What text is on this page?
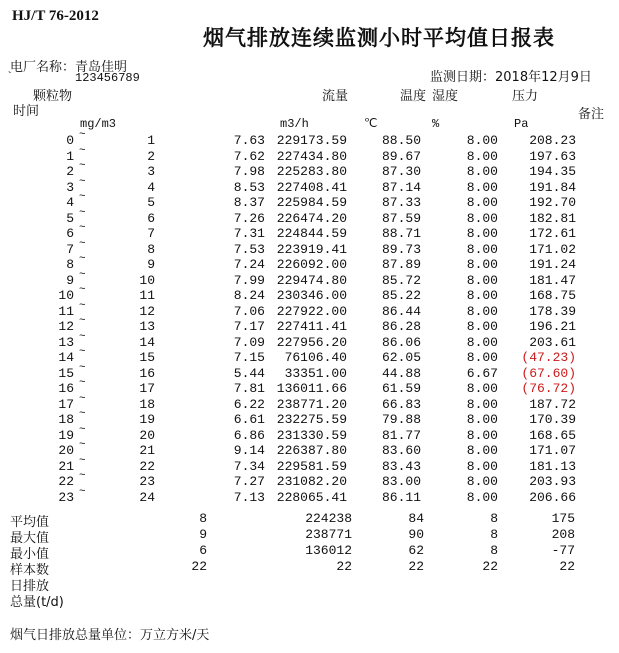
HJ/T 76-2012
烟气排放连续监测小时平均值日报表
电厂名称：青岛佳明
`	123456789	监测日期：2018年12月9日
颗粒物	流量	温度 湿度	压力
时间	备注
mg/m3	m3/h	℃	%	Pa
0 ~	1	7.63 229173.59	88.50	8.00	208.23
1 ~	2	7.62 227434.80	89.67	8.00	197.63
2 ~	3	7.98 225283.80	87.30	8.00	194.35
3 ~	4	8.53 227408.41	87.14	8.00	191.84
4 ~	5	8.37 225984.59	87.33	8.00	192.70
5 ~	6	7.26 226474.20	87.59	8.00	182.81
6 ~	7	7.31 224844.59	88.71	8.00	172.61
7 ~	8	7.53 223919.41	89.73	8.00	171.02
8 ~	9	7.24 226092.00	87.89	8.00	191.24
9 ~	10	7.99 229474.80	85.72	8.00	181.47
10 ~	11	8.24 230346.00	85.22	8.00	168.75
11 ~	12	7.06 227922.00	86.44	8.00	178.39
12 ~	13	7.17 227411.41	86.28	8.00	196.21
13 ~	14	7.09 227956.20	86.06	8.00	203.61
14 ~	15	7.15	76106.40	62.05	8.00	(47.23)
15 ~	16	5.44	33351.00	44.88	6.67	(67.60)
16 ~	17	7.81 136011.66	61.59	8.00	(76.72)
17 ~	18	6.22 238771.20	66.83	8.00	187.72
18 ~	19	6.61 232275.59	79.88	8.00	170.39
19 ~	20	6.86 231330.59	81.77	8.00	168.65
20 ~	21	9.14 226387.80	83.60	8.00	171.07
21 ~	22	7.34 229581.59	83.43	8.00	181.13
22 ~	23	7.27 231082.20	83.00	8.00	203.93
23 ~	24	7.13 228065.41	86.11	8.00	206.66
平均值	8	224238	84	8	175
最大值	9	238771	90	8	208
最小值	6	136012	62	8	-77
样本数	22	22	22	22	22
日排放
总量(t/d)
烟气日排放总量单位：万立方米/天
